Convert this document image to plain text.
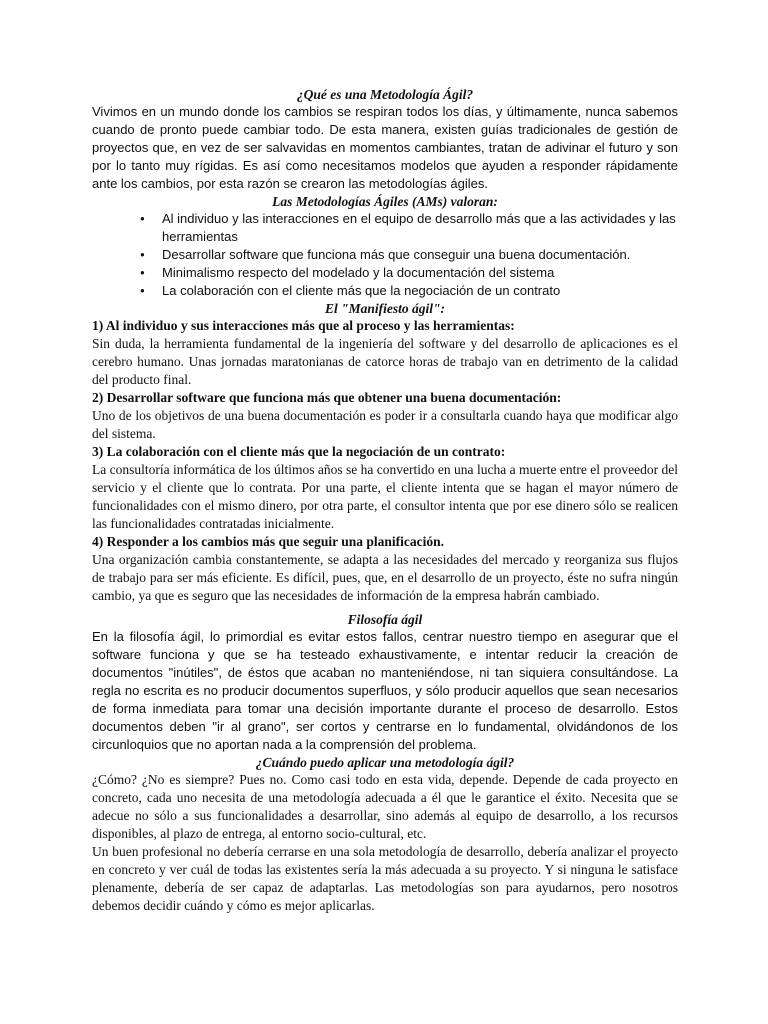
¿Qué es una Metodología Ágil?

Vivimos en un mundo donde los cambios se respiran todos los días, y últimamente, nunca sabemos cuando de pronto puede cambiar todo. De esta manera, existen guías tradicionales de gestión de proyectos que, en vez de ser salvavidas en momentos cambiantes, tratan de adivinar el futuro y son por lo tanto muy rígidas. Es así como necesitamos modelos que ayuden a responder rápidamente ante los cambios, por esta razón se crearon las metodologías ágiles.

Las Metodologías Ágiles (AMs) valoran:
● Al individuo y las interacciones en el equipo de desarrollo más que a las actividades y las herramientas
● Desarrollar software que funciona más que conseguir una buena documentación.
● Minimalismo respecto del modelado y la documentación del sistema
● La colaboración con el cliente más que la negociación de un contrato
El "Manifiesto ágil":

1) Al individuo y sus interacciones más que al proceso y las herramientas:

Sin duda, la herramienta fundamental de la ingeniería del software y del desarrollo de aplicaciones es el cerebro humano. Unas jornadas maratonianas de catorce horas de trabajo van en detrimento de la calidad del producto final.

2) Desarrollar software que funciona más que obtener una buena documentación:

Uno de los objetivos de una buena documentación es poder ir a consultarla cuando haya que modificar algo del sistema.

3) La colaboración con el cliente más que la negociación de un contrato:

La consultoría informática de los últimos años se ha convertido en una lucha a muerte entre el proveedor del servicio y el cliente que lo contrata. Por una parte, el cliente intenta que se hagan el mayor número de funcionalidades con el mismo dinero, por otra parte, el consultor intenta que por ese dinero sólo se realicen las funcionalidades contratadas inicialmente.

4) Responder a los cambios más que seguir una planificación.

Una organización cambia constantemente, se adapta a las necesidades del mercado y reorganiza sus flujos de trabajo para ser más eficiente. Es difícil, pues, que, en el desarrollo de un proyecto, éste no sufra ningún cambio, ya que es seguro que las necesidades de información de la empresa habrán cambiado.

Filosofía ágil

En la filosofía ágil, lo primordial es evitar estos fallos, centrar nuestro tiempo en asegurar que el software funciona y que se ha testeado exhaustivamente, e intentar reducir la creación de documentos "inútiles", de éstos que acaban no manteniéndose, ni tan siquiera consultándose. La regla no escrita es no producir documentos superfluos, y sólo producir aquellos que sean necesarios de forma inmediata para tomar una decisión importante durante el proceso de desarrollo. Estos documentos deben "ir al grano", ser cortos y centrarse en lo fundamental, olvidándonos de los circunloquios que no aportan nada a la comprensión del problema.

¿Cuándo puedo aplicar una metodología ágil?

¿Cómo? ¿No es siempre? Pues no. Como casi todo en esta vida, depende. Depende de cada proyecto en concreto, cada uno necesita de una metodología adecuada a él que le garantice el éxito. Necesita que se adecue no sólo a sus funcionalidades a desarrollar, sino además al equipo de desarrollo, a los recursos disponibles, al plazo de entrega, al entorno socio-cultural, etc.

Un buen profesional no debería cerrarse en una sola metodología de desarrollo, debería analizar el proyecto en concreto y ver cuál de todas las existentes sería la más adecuada a su proyecto. Y si ninguna le satisface plenamente, debería de ser capaz de adaptarlas. Las metodologías son para ayudarnos, pero nosotros debemos decidir cuándo y cómo es mejor aplicarlas.
